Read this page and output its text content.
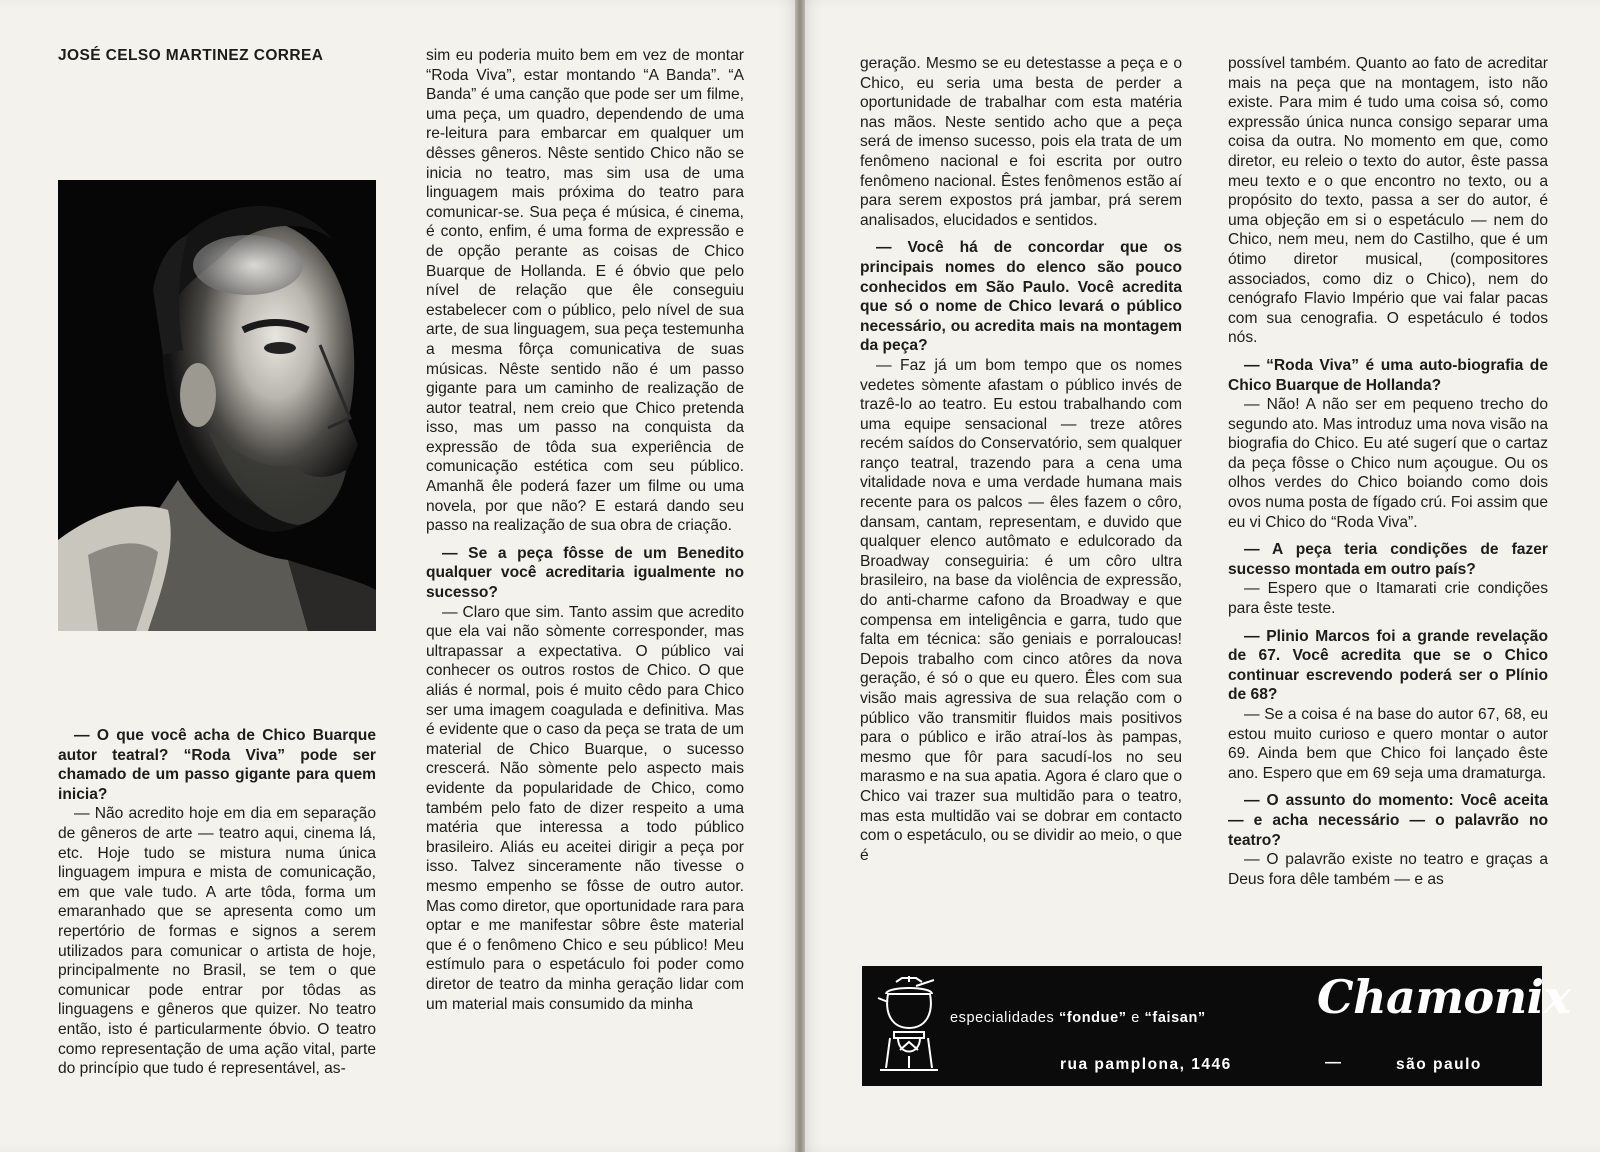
JOSÉ CELSO MARTINEZ CORREA

— O que você acha de Chico Buarque autor teatral? “Roda Viva” pode ser chamado de um passo gigante para quem inicia?

— Não acredito hoje em dia em separação de gêneros de arte — teatro aqui, cinema lá, etc. Hoje tudo se mistura numa única linguagem impura e mista de comunicação, em que vale tudo. A arte tôda, forma um emaranhado que se apresenta como um repertório de formas e signos a serem utilizados para comunicar o artista de hoje, principalmente no Brasil, se tem o que comunicar pode entrar por tôdas as linguagens e gêneros que quizer. No teatro então, isto é particularmente óbvio. O teatro como representação de uma ação vital, parte do princípio que tudo é representável, as-

sim eu poderia muito bem em vez de montar “Roda Viva”, estar montando “A Banda”. “A Banda” é uma canção que pode ser um filme, uma peça, um quadro, dependendo de uma re-leitura para embarcar em qualquer um dêsses gêneros. Nêste sentido Chico não se inicia no teatro, mas sim usa de uma linguagem mais próxima do teatro para comunicar-se. Sua peça é música, é cinema, é conto, enfim, é uma forma de expressão e de opção perante as coisas de Chico Buarque de Hollanda. E é óbvio que pelo nível de relação que êle conseguiu estabelecer com o público, pelo nível de sua arte, de sua linguagem, sua peça testemunha a mesma fôrça comunicativa de suas músicas. Nêste sentido não é um passo gigante para um caminho de realização de autor teatral, nem creio que Chico pretenda isso, mas um passo na conquista da expressão de tôda sua experiência de comunicação estética com seu público. Amanhã êle poderá fazer um filme ou uma novela, por que não? E estará dando seu passo na realização de sua obra de criação.

— Se a peça fôsse de um Benedito qualquer você acreditaria igualmente no sucesso?

— Claro que sim. Tanto assim que acredito que ela vai não sòmente corresponder, mas ultrapassar a expectativa. O público vai conhecer os outros rostos de Chico. O que aliás é normal, pois é muito cêdo para Chico ser uma imagem coagulada e definitiva. Mas é evidente que o caso da peça se trata de um material de Chico Buarque, o sucesso crescerá. Não sòmente pelo aspecto mais evidente da popularidade de Chico, como também pelo fato de dizer respeito a uma matéria que interessa a todo público brasileiro. Aliás eu aceitei dirigir a peça por isso. Talvez sinceramente não tivesse o mesmo empenho se fôsse de outro autor. Mas como diretor, que oportunidade rara para optar e me manifestar sôbre êste material que é o fenômeno Chico e seu público! Meu estímulo para o espetáculo foi poder como diretor de teatro da minha geração lidar com um material mais consumido da minha

geração. Mesmo se eu detestasse a peça e o Chico, eu seria uma besta de perder a oportunidade de trabalhar com esta matéria nas mãos. Neste sentido acho que a peça será de imenso sucesso, pois ela trata de um fenômeno nacional e foi escrita por outro fenômeno nacional. Êstes fenômenos estão aí para serem expostos prá jambar, prá serem analisados, elucidados e sentidos.

— Você há de concordar que os principais nomes do elenco são pouco conhecidos em São Paulo. Você acredita que só o nome de Chico levará o público necessário, ou acredita mais na montagem da peça?

— Faz já um bom tempo que os nomes vedetes sòmente afastam o público invés de trazê-lo ao teatro. Eu estou trabalhando com uma equipe sensacional — treze atôres recém saídos do Conservatório, sem qualquer ranço teatral, trazendo para a cena uma vitalidade nova e uma verdade humana mais recente para os palcos — êles fazem o côro, dansam, cantam, representam, e duvido que qualquer elenco autômato e edulcorado da Broadway conseguiria: é um côro ultra brasileiro, na base da violência de expressão, do anti-charme cafono da Broadway e que compensa em inteligência e garra, tudo que falta em técnica: são geniais e porraloucas! Depois trabalho com cinco atôres da nova geração, é só o que eu quero. Êles com sua visão mais agressiva de sua relação com o público vão transmitir fluidos mais positivos para o público e irão atraí-los às pampas, mesmo que fôr para sacudí-los no seu marasmo e na sua apatia. Agora é claro que o Chico vai trazer sua multidão para o teatro, mas esta multidão vai se dobrar em contacto com o espetáculo, ou se dividir ao meio, o que é

possível também. Quanto ao fato de acreditar mais na peça que na montagem, isto não existe. Para mim é tudo uma coisa só, como expressão única nunca consigo separar uma coisa da outra. No momento em que, como diretor, eu releio o texto do autor, êste passa meu texto e o que encontro no texto, ou a propósito do texto, passa a ser do autor, é uma objeção em si o espetáculo — nem do Chico, nem meu, nem do Castilho, que é um ótimo diretor musical, (compositores associados, como diz o Chico), nem do cenógrafo Flavio Império que vai falar pacas com sua cenografia. O espetáculo é todos nós.

— “Roda Viva” é uma auto-biografia de Chico Buarque de Hollanda?

— Não! A não ser em pequeno trecho do segundo ato. Mas introduz uma nova visão na biografia do Chico. Eu até sugerí que o cartaz da peça fôsse o Chico num açougue. Ou os olhos verdes do Chico boiando como dois ovos numa posta de fígado crú. Foi assim que eu vi Chico do “Roda Viva”.

— A peça teria condições de fazer sucesso montada em outro país?

— Espero que o Itamarati crie condições para êste teste.

— Plinio Marcos foi a grande revelação de 67. Você acredita que se o Chico continuar escrevendo poderá ser o Plínio de 68?

— Se a coisa é na base do autor 67, 68, eu estou muito curioso e quero montar o autor 69. Ainda bem que Chico foi lançado êste ano. Espero que em 69 seja uma dramaturga.

— O assunto do momento: Você aceita — e acha necessário — o palavrão no teatro?

— O palavrão existe no teatro e graças a Deus fora dêle também — e as

especialidades “fondue” e “faisan” Chamonix
rua pamplona, 1446	—	são paulo
